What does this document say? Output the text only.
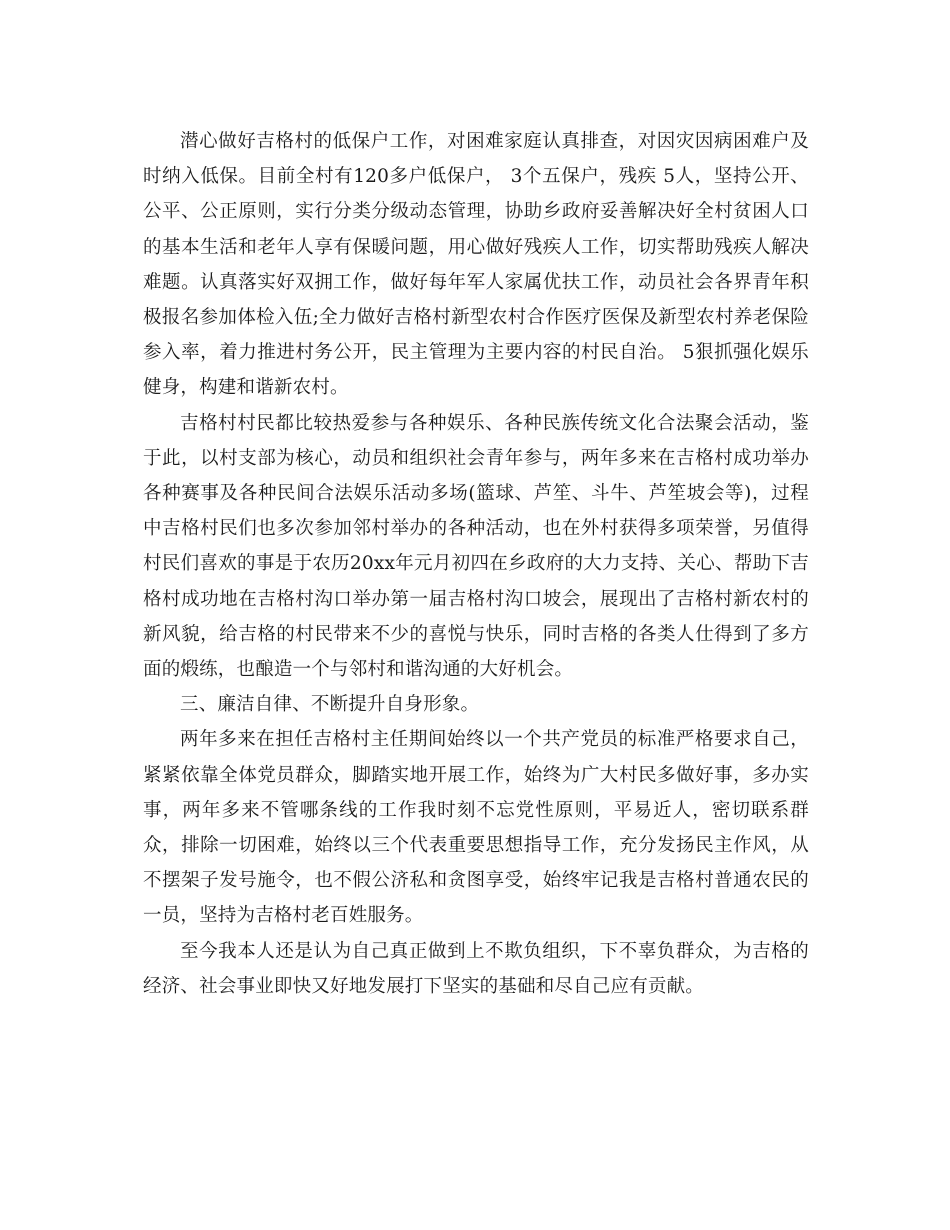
潜心做好吉格村的低保户工作，对困难家庭认真排查，对因灾因病困难户及时纳入低保。目前全村有120多户低保户， 3个五保户，残疾 5人，坚持公开、公平、公正原则，实行分类分级动态管理，协助乡政府妥善解决好全村贫困人口的基本生活和老年人享有保暖问题，用心做好残疾人工作，切实帮助残疾人解决难题。认真落实好双拥工作，做好每年军人家属优扶工作，动员社会各界青年积极报名参加体检入伍;全力做好吉格村新型农村合作医疗医保及新型农村养老保险参入率，着力推进村务公开，民主管理为主要内容的村民自治。 5狠抓强化娱乐健身，构建和谐新农村。

吉格村村民都比较热爱参与各种娱乐、各种民族传统文化合法聚会活动，鉴于此，以村支部为核心，动员和组织社会青年参与，两年多来在吉格村成功举办各种赛事及各种民间合法娱乐活动多场(篮球、芦笙、斗牛、芦笙坡会等)，过程中吉格村民们也多次参加邻村举办的各种活动，也在外村获得多项荣誉，另值得村民们喜欢的事是于农历20xx年元月初四在乡政府的大力支持、关心、帮助下吉格村成功地在吉格村沟口举办第一届吉格村沟口坡会，展现出了吉格村新农村的新风貌，给吉格的村民带来不少的喜悦与快乐，同时吉格的各类人仕得到了多方面的煅练，也酿造一个与邻村和谐沟通的大好机会。

三、廉洁自律、不断提升自身形象。

两年多来在担任吉格村主任期间始终以一个共产党员的标准严格要求自己，紧紧依靠全体党员群众，脚踏实地开展工作，始终为广大村民多做好事，多办实事，两年多来不管哪条线的工作我时刻不忘党性原则，平易近人，密切联系群众，排除一切困难，始终以三个代表重要思想指导工作，充分发扬民主作风，从不摆架子发号施令，也不假公济私和贪图享受，始终牢记我是吉格村普通农民的一员，坚持为吉格村老百姓服务。

至今我本人还是认为自己真正做到上不欺负组织，下不辜负群众，为吉格的经济、社会事业即快又好地发展打下坚实的基础和尽自己应有贡献。
